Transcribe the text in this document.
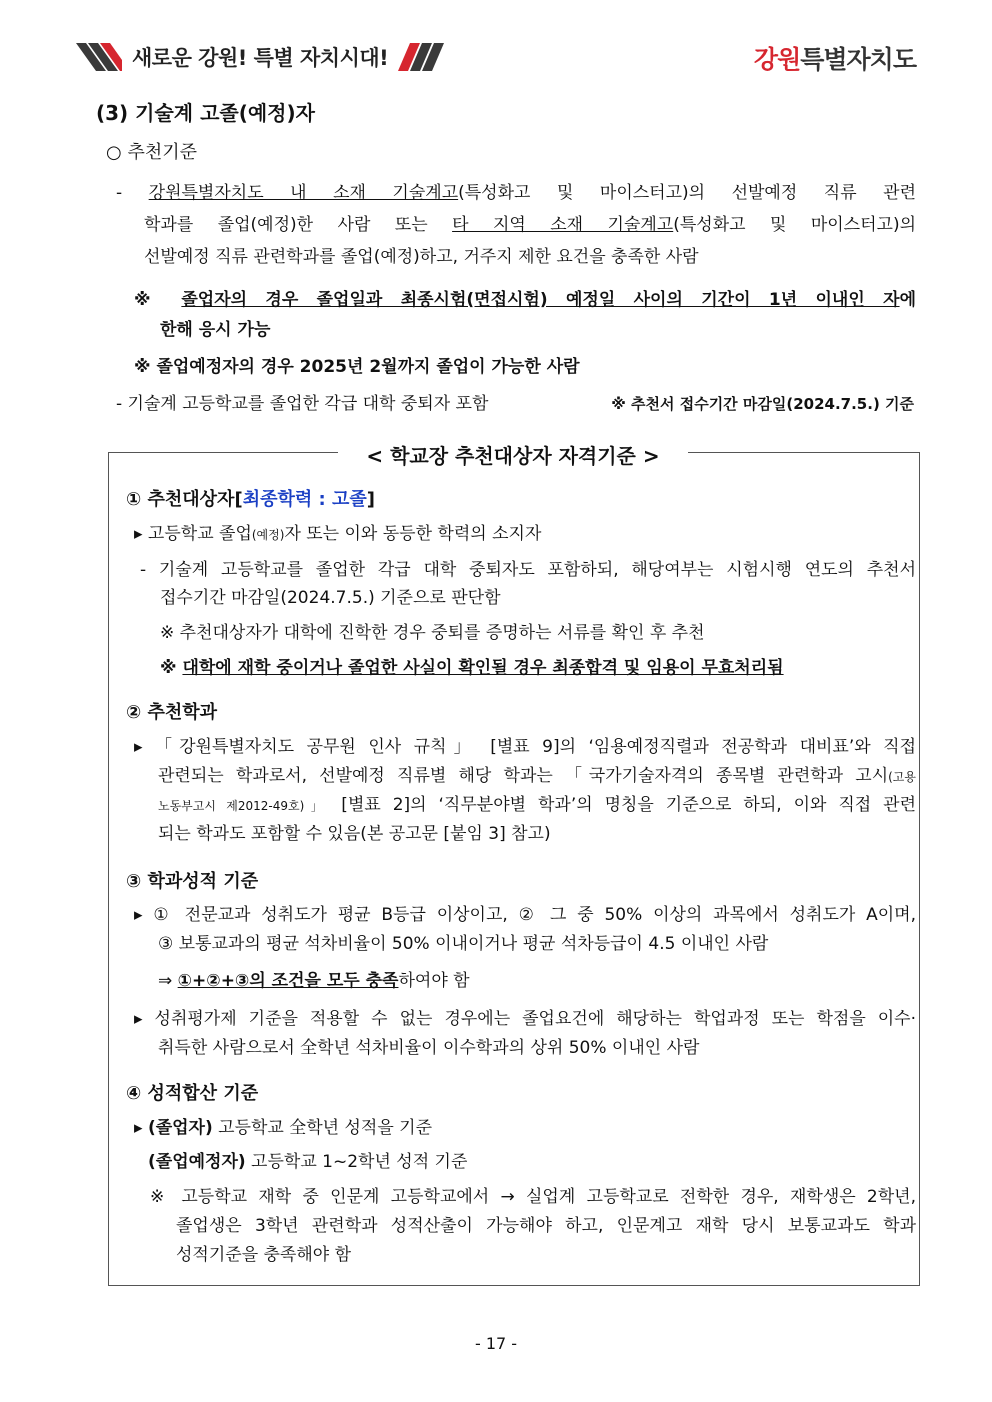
새로운 강원! 특별 자치시대!	강원특별자치도
(3) 기술계 고졸(예정)자
○ 추천기준
- 강원특별자치도 내 소재 기술계고(특성화고 및 마이스터고)의 선발예정 직류 관련
학과를 졸업(예정)한 사람 또는 타 지역 소재 기술계고(특성화고 및 마이스터고)의
선발예정 직류 관련학과를 졸업(예정)하고, 거주지 제한 요건을 충족한 사람
※ 졸업자의 경우 졸업일과 최종시험(면접시험) 예정일 사이의 기간이 1년 이내인 자에
한해 응시 가능
※ 졸업예정자의 경우 2025년 2월까지 졸업이 가능한 사람
- 기술계 고등학교를 졸업한 각급 대학 중퇴자 포함	※ 추천서 접수기간 마감일(2024.7.5.) 기준
< 학교장 추천대상자 자격기준 >
① 추천대상자[최종학력 : 고졸]
▸ 고등학교 졸업(예정)자 또는 이와 동등한 학력의 소지자
- 기술계 고등학교를 졸업한 각급 대학 중퇴자도 포함하되, 해당여부는 시험시행 연도의 추천서
접수기간 마감일(2024.7.5.) 기준으로 판단함
※ 추천대상자가 대학에 진학한 경우 중퇴를 증명하는 서류를 확인 후 추천
※ 대학에 재학 중이거나 졸업한 사실이 확인될 경우 최종합격 및 임용이 무효처리됨
② 추천학과
▸ 「강원특별자치도 공무원 인사 규칙」 [별표 9]의 ‘임용예정직렬과 전공학과 대비표’와 직접
관련되는 학과로서, 선발예정 직류별 해당 학과는 「국가기술자격의 종목별 관련학과 고시(고용
노동부고시 제2012-49호)」 [별표 2]의 ‘직무분야별 학과’의 명칭을 기준으로 하되, 이와 직접 관련
되는 학과도 포함할 수 있음(본 공고문 [붙임 3] 참고)
③ 학과성적 기준
▸ ① 전문교과 성취도가 평균 B등급 이상이고, ② 그 중 50% 이상의 과목에서 성취도가 A이며,
③ 보통교과의 평균 석차비율이 50% 이내이거나 평균 석차등급이 4.5 이내인 사람
⇒ ①+②+③의 조건을 모두 충족하여야 함
▸ 성취평가제 기준을 적용할 수 없는 경우에는 졸업요건에 해당하는 학업과정 또는 학점을 이수·
취득한 사람으로서 全학년 석차비율이 이수학과의 상위 50% 이내인 사람
④ 성적합산 기준
▸ (졸업자) 고등학교 全학년 성적을 기준
(졸업예정자) 고등학교 1~2학년 성적 기준
※ 고등학교 재학 중 인문계 고등학교에서 → 실업계 고등학교로 전학한 경우, 재학생은 2학년,
졸업생은 3학년 관련학과 성적산출이 가능해야 하고, 인문계고 재학 당시 보통교과도 학과
성적기준을 충족해야 함
- 17 -
